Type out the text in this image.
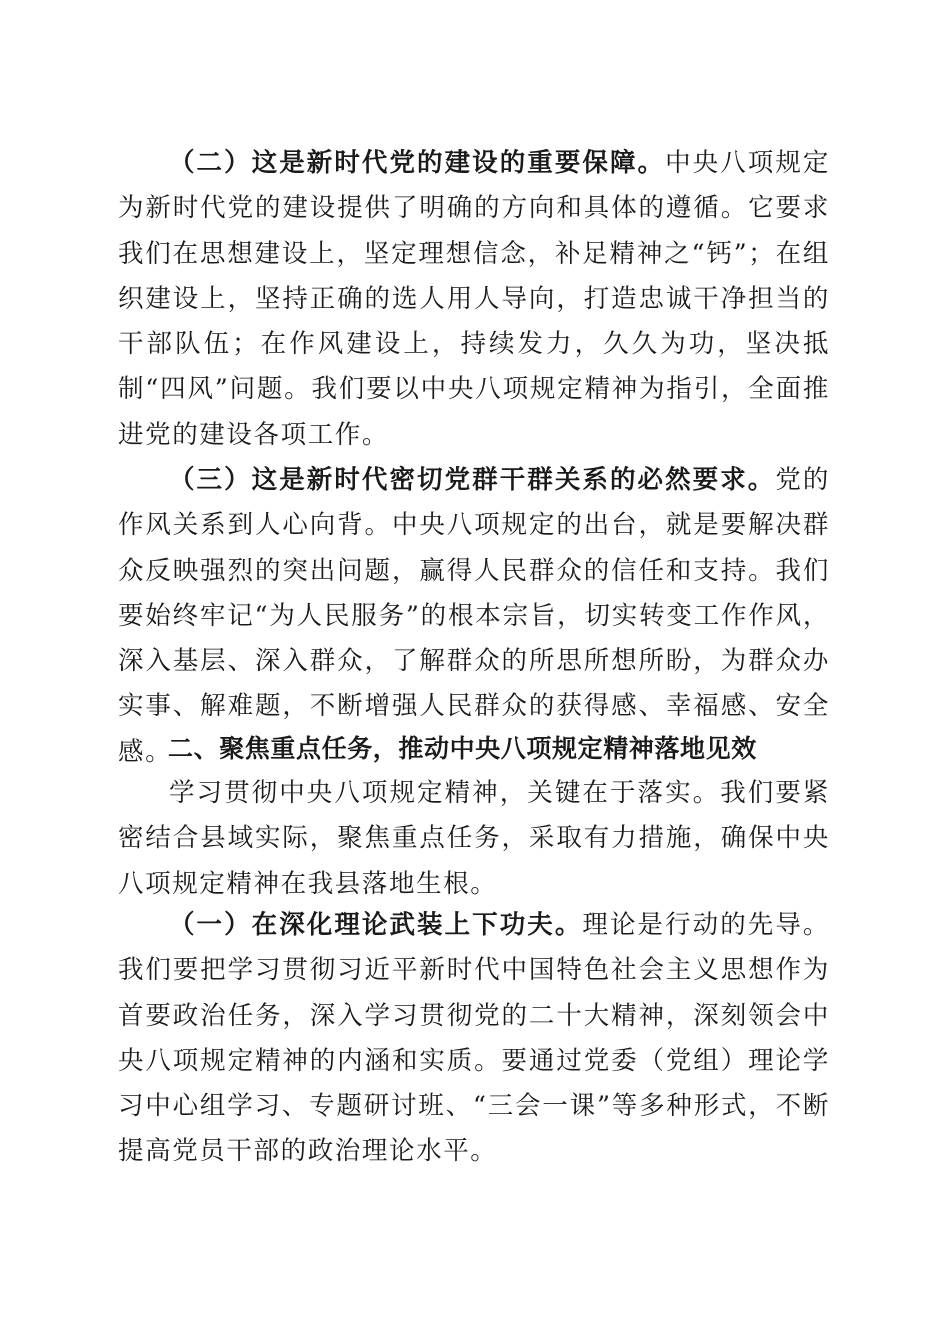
（二）这是新时代党的建设的重要保障。中央八项规定为新时代党的建设提供了明确的方向和具体的遵循。它要求我们在思想建设上，坚定理想信念，补足精神之“钙”；在组织建设上，坚持正确的选人用人导向，打造忠诚干净担当的干部队伍；在作风建设上，持续发力，久久为功，坚决抵制“四风”问题。我们要以中央八项规定精神为指引，全面推进党的建设各项工作。

（三）这是新时代密切党群干群关系的必然要求。党的作风关系到人心向背。中央八项规定的出台，就是要解决群众反映强烈的突出问题，赢得人民群众的信任和支持。我们要始终牢记“为人民服务”的根本宗旨，切实转变工作作风，深入基层、深入群众，了解群众的所思所想所盼，为群众办实事、解难题，不断增强人民群众的获得感、幸福感、安全感。

二、聚焦重点任务，推动中央八项规定精神落地见效

学习贯彻中央八项规定精神，关键在于落实。我们要紧密结合县域实际，聚焦重点任务，采取有力措施，确保中央八项规定精神在我县落地生根。

（一）在深化理论武装上下功夫。理论是行动的先导。我们要把学习贯彻习近平新时代中国特色社会主义思想作为首要政治任务，深入学习贯彻党的二十大精神，深刻领会中央八项规定精神的内涵和实质。要通过党委（党组）理论学习中心组学习、专题研讨班、“三会一课”等多种形式，不断提高党员干部的政治理论水平。
